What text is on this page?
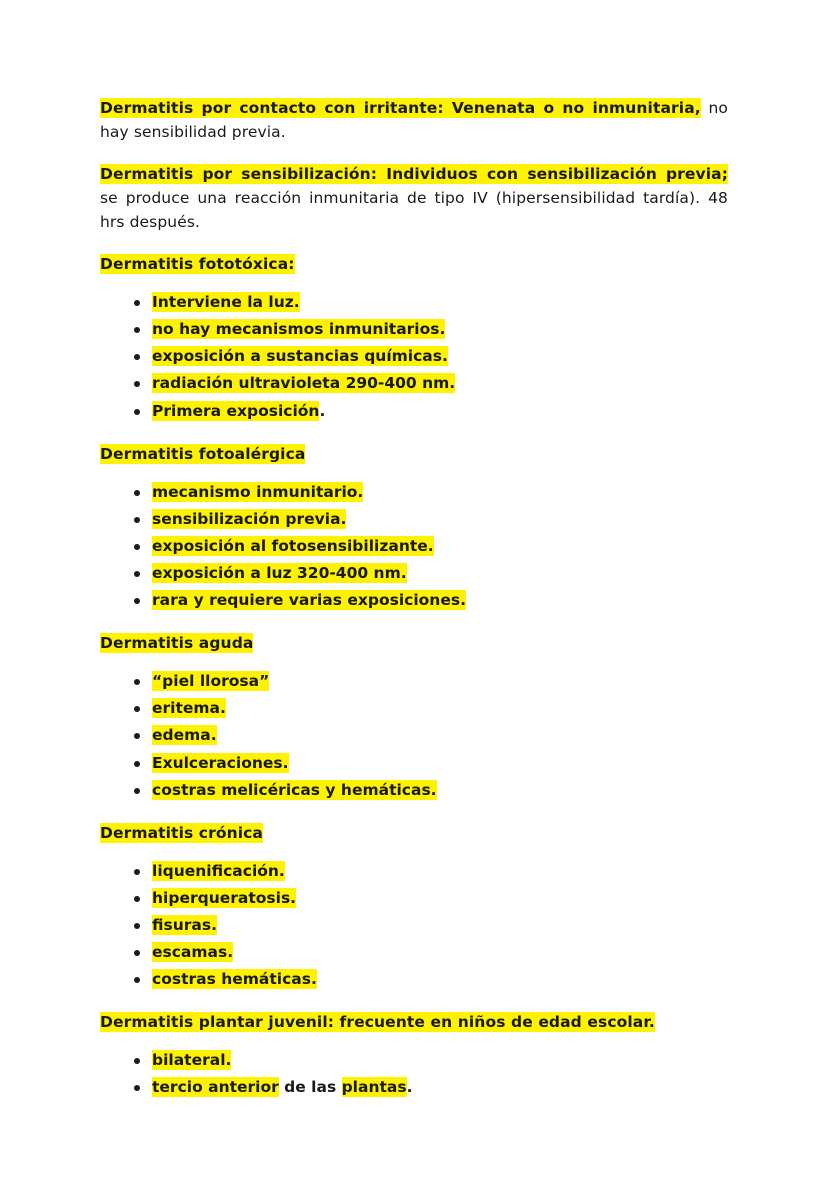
Dermatitis por contacto con irritante: Venenata o no inmunitaria, no hay sensibilidad previa.

Dermatitis por sensibilización: Individuos con sensibilización previa; se produce una reacción inmunitaria de tipo IV (hipersensibilidad tardía). 48 hrs después.

Dermatitis fototóxica:

Interviene la luz.
no hay mecanismos inmunitarios.
exposición a sustancias químicas.
radiación ultravioleta 290-400 nm.
Primera exposición.

Dermatitis fotoalérgica

mecanismo inmunitario.
sensibilización previa.
exposición al fotosensibilizante.
exposición a luz 320-400 nm.
rara y requiere varias exposiciones.

Dermatitis aguda

“piel llorosa”
eritema.
edema.
Exulceraciones.
costras melicéricas y hemáticas.

Dermatitis crónica

liquenificación.
hiperqueratosis.
fisuras.
escamas.
costras hemáticas.

Dermatitis plantar juvenil: frecuente en niños de edad escolar.

bilateral.
tercio anterior de las plantas.
